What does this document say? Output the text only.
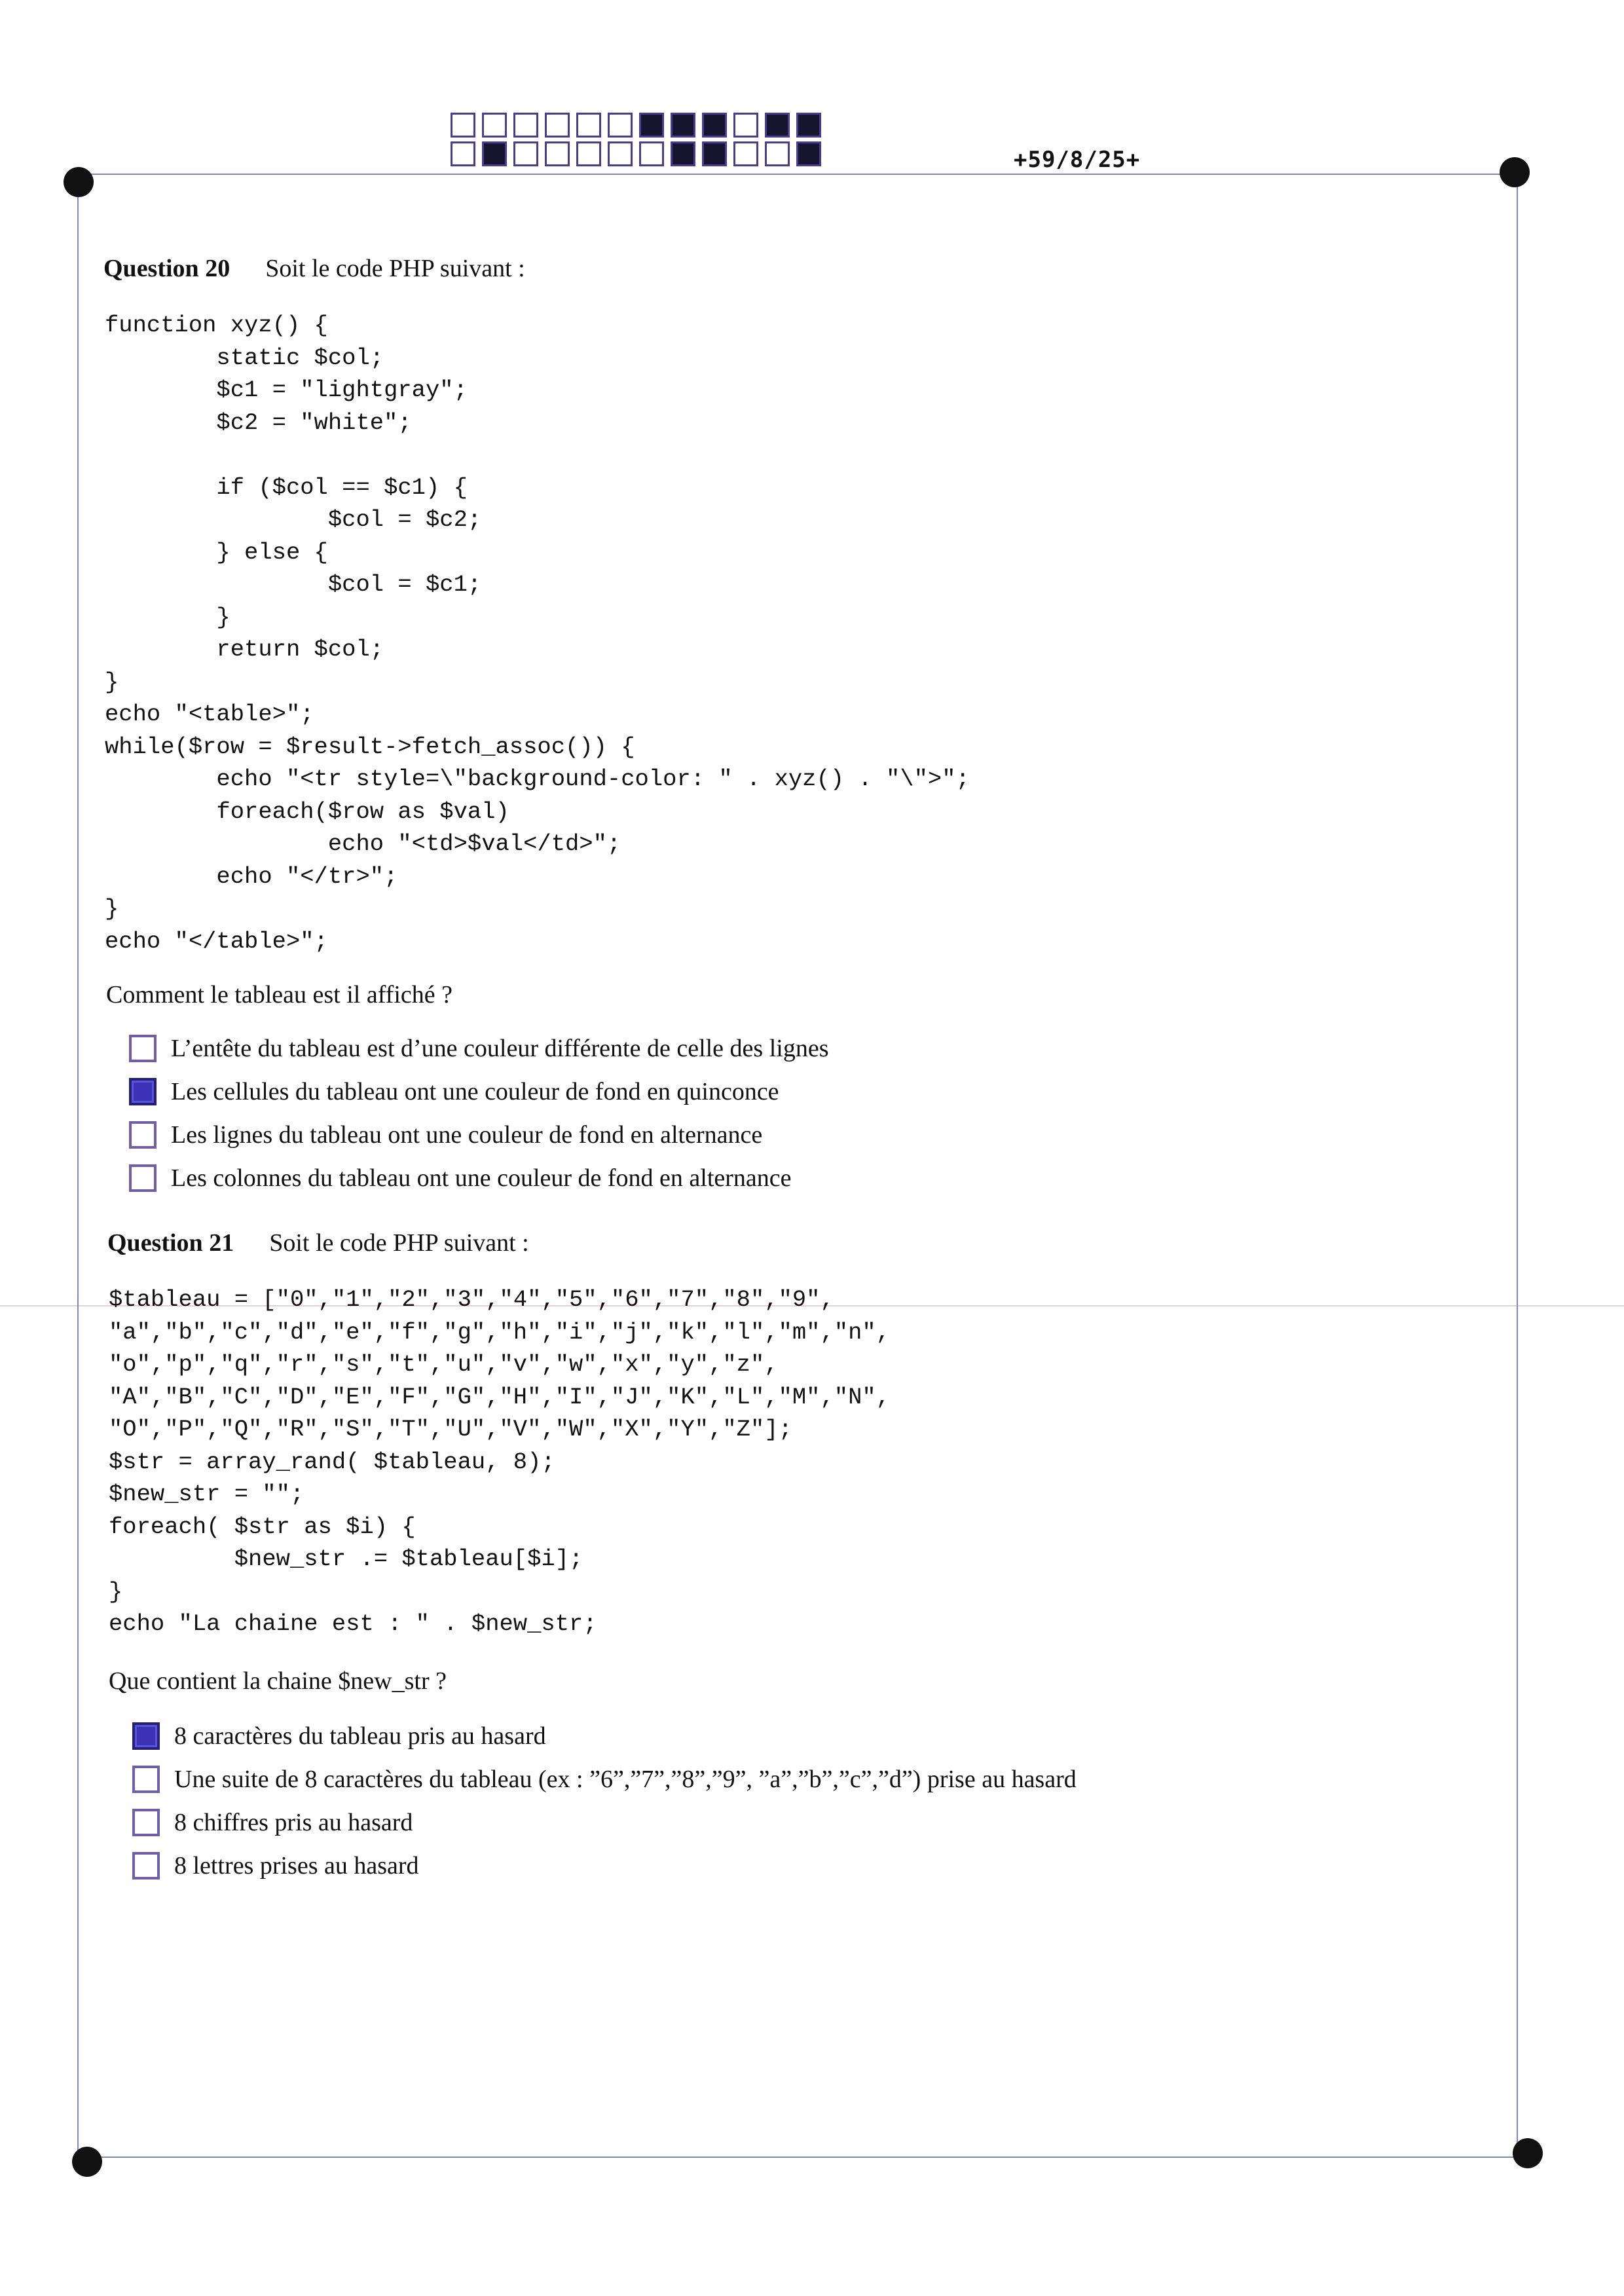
+59/8/25+
Question 20 Soit le code PHP suivant :
function xyz() {
static $col;
$c1 = "lightgray";
$c2 = "white";

if ($col == $c1) {
$col = $c2;
} else {
$col = $c1;
}
return $col;
}
echo "<table>";
while($row = $result->fetch_assoc()) {
echo "<tr style=\"background-color: " . xyz() . "\">";
foreach($row as $val)
echo "<td>$val</td>";
echo "</tr>";
}
echo "</table>";
Comment le tableau est il affiché ?
L’entête du tableau est d’une couleur différente de celle des lignes
Les cellules du tableau ont une couleur de fond en quinconce
Les lignes du tableau ont une couleur de fond en alternance
Les colonnes du tableau ont une couleur de fond en alternance
Question 21 Soit le code PHP suivant :
$tableau = ["0","1","2","3","4","5","6","7","8","9",
"a","b","c","d","e","f","g","h","i","j","k","l","m","n",
"o","p","q","r","s","t","u","v","w","x","y","z",
"A","B","C","D","E","F","G","H","I","J","K","L","M","N",
"O","P","Q","R","S","T","U","V","W","X","Y","Z"];
$str = array_rand( $tableau, 8);
$new_str = "";
foreach( $str as $i) {
$new_str .= $tableau[$i];
}
echo "La chaine est : " . $new_str;
Que contient la chaine $new_str ?
8 caractères du tableau pris au hasard
Une suite de 8 caractères du tableau (ex : ”6”,”7”,”8”,”9”, ”a”,”b”,”c”,”d”) prise au hasard
8 chiffres pris au hasard
8 lettres prises au hasard
